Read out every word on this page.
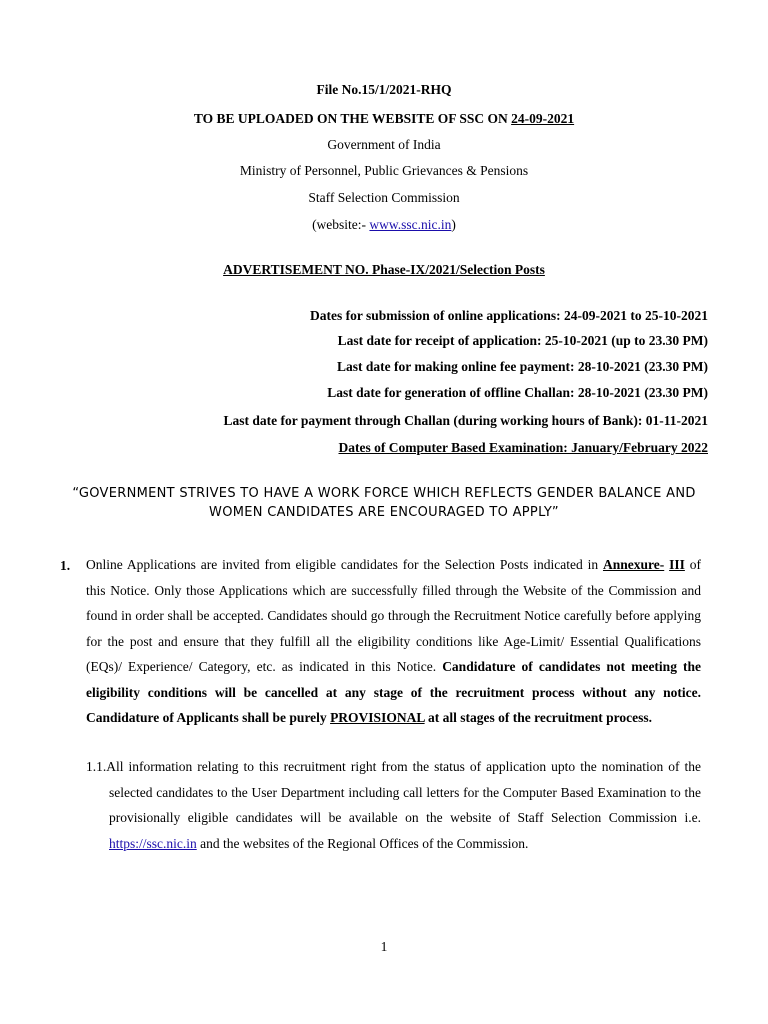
File No.15/1/2021-RHQ
TO BE UPLOADED ON THE WEBSITE OF SSC ON 24-09-2021
Government of India
Ministry of Personnel, Public Grievances & Pensions
Staff Selection Commission
(website:- www.ssc.nic.in)
ADVERTISEMENT NO. Phase-IX/2021/Selection Posts
Dates for submission of online applications: 24-09-2021 to 25-10-2021
Last date for receipt of application: 25-10-2021 (up to 23.30 PM)
Last date for making online fee payment: 28-10-2021 (23.30 PM)
Last date for generation of offline Challan: 28-10-2021 (23.30 PM)
Last date for payment through Challan (during working hours of Bank): 01-11-2021
Dates of Computer Based Examination: January/February 2022
“GOVERNMENT STRIVES TO HAVE A WORK FORCE WHICH REFLECTS GENDER BALANCE AND WOMEN CANDIDATES ARE ENCOURAGED TO APPLY”
1. Online Applications are invited from eligible candidates for the Selection Posts indicated in Annexure- III of this Notice. Only those Applications which are successfully filled through the Website of the Commission and found in order shall be accepted. Candidates should go through the Recruitment Notice carefully before applying for the post and ensure that they fulfill all the eligibility conditions like Age-Limit/ Essential Qualifications (EQs)/ Experience/ Category, etc. as indicated in this Notice. Candidature of candidates not meeting the eligibility conditions will be cancelled at any stage of the recruitment process without any notice. Candidature of Applicants shall be purely PROVISIONAL at all stages of the recruitment process.
1.1.All information relating to this recruitment right from the status of application upto the nomination of the selected candidates to the User Department including call letters for the Computer Based Examination to the provisionally eligible candidates will be available on the website of Staff Selection Commission i.e. https://ssc.nic.in and the websites of the Regional Offices of the Commission.
1
